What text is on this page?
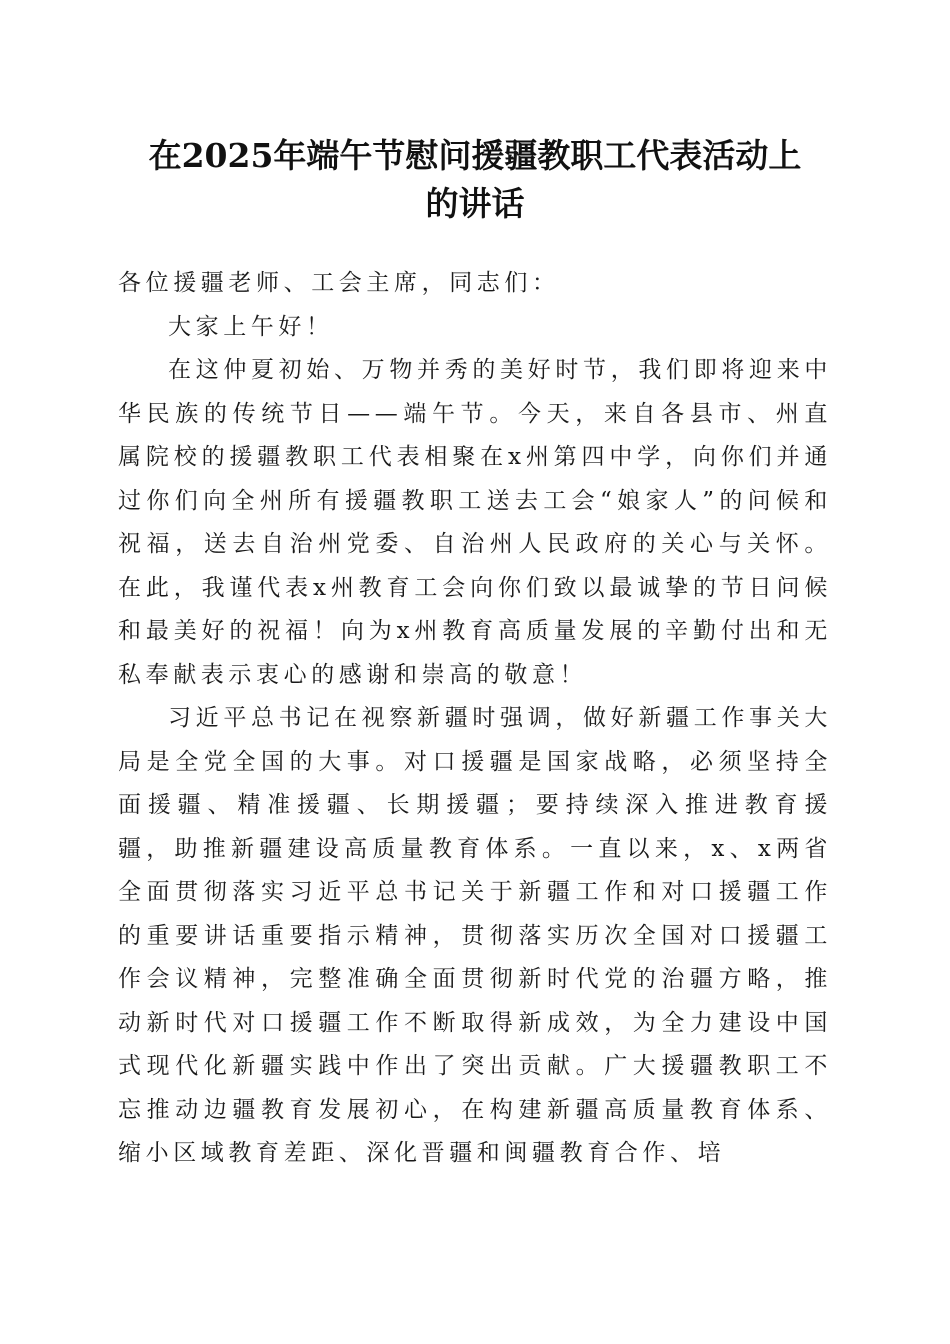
在2025年端午节慰问援疆教职工代表活动上
的讲话

各位援疆老师、工会主席，同志们：

大家上午好！

在这仲夏初始、万物并秀的美好时节，我们即将迎来中华民族的传统节日——端午节。今天，来自各县市、州直属院校的援疆教职工代表相聚在x州第四中学，向你们并通过你们向全州所有援疆教职工送去工会“娘家人”的问候和祝福，送去自治州党委、自治州人民政府的关心与关怀。在此，我谨代表x州教育工会向你们致以最诚挚的节日问候和最美好的祝福！向为x州教育高质量发展的辛勤付出和无私奉献表示衷心的感谢和崇高的敬意！

习近平总书记在视察新疆时强调，做好新疆工作事关大局是全党全国的大事。对口援疆是国家战略，必须坚持全面援疆、精准援疆、长期援疆；要持续深入推进教育援疆，助推新疆建设高质量教育体系。一直以来，x、x两省全面贯彻落实习近平总书记关于新疆工作和对口援疆工作的重要讲话重要指示精神，贯彻落实历次全国对口援疆工作会议精神，完整准确全面贯彻新时代党的治疆方略，推动新时代对口援疆工作不断取得新成效，为全力建设中国式现代化新疆实践中作出了突出贡献。广大援疆教职工不忘推动边疆教育发展初心，在构建新疆高质量教育体系、缩小区域教育差距、深化晋疆和闽疆教育合作、培
